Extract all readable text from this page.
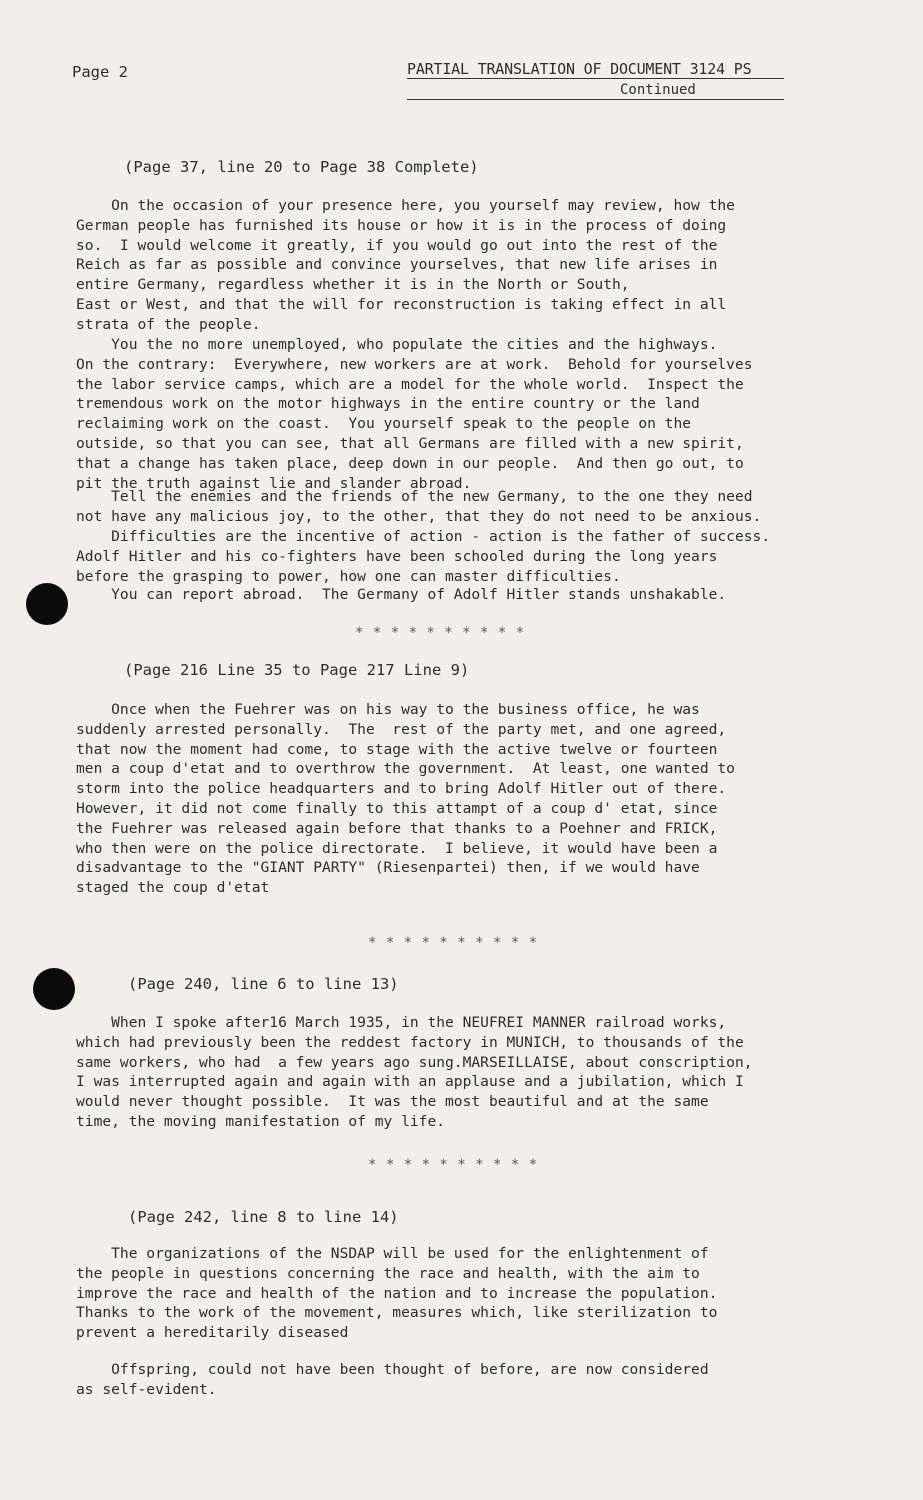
Page 2	PARTIAL TRANSLATION OF DOCUMENT 3124 PS
Continued
(Page 37, line 20 to Page 38 Complete)
On the occasion of your presence here, you yourself may review, how the
German people has furnished its house or how it is in the process of doing
so.  I would welcome it greatly, if you would go out into the rest of the
Reich as far as possible and convince yourselves, that new life arises in
entire Germany, regardless whether it is in the North or South,
East or West, and that the will for reconstruction is taking effect in all
strata of the people.
You the no more unemployed, who populate the cities and the highways.
On the contrary:  Everywhere, new workers are at work.  Behold for yourselves
the labor service camps, which are a model for the whole world.  Inspect the
tremendous work on the motor highways in the entire country or the land
reclaiming work on the coast.  You yourself speak to the people on the
outside, so that you can see, that all Germans are filled with a new spirit,
that a change has taken place, deep down in our people.  And then go out, to
pit the truth against lie and slander abroad.
Tell the enemies and the friends of the new Germany, to the one they need
not have any malicious joy, to the other, that they do not need to be anxious.
Difficulties are the incentive of action - action is the father of success.
Adolf Hitler and his co-fighters have been schooled during the long years
before the grasping to power, how one can master difficulties.
You can report abroad.  The Germany of Adolf Hitler stands unshakable.
* * * * * * * * * *
(Page 216 Line 35 to Page 217 Line 9)
Once when the Fuehrer was on his way to the business office, he was
suddenly arrested personally.  The  rest of the party met, and one agreed,
that now the moment had come, to stage with the active twelve or fourteen
men a coup d'etat and to overthrow the government.  At least, one wanted to
storm into the police headquarters and to bring Adolf Hitler out of there.
However, it did not come finally to this attampt of a coup d' etat, since
the Fuehrer was released again before that thanks to a Poehner and FRICK,
who then were on the police directorate.  I believe, it would have been a
disadvantage to the "GIANT PARTY" (Riesenpartei) then, if we would have
staged the coup d'etat
* * * * * * * * * *
(Page 240, line 6 to line 13)
When I spoke after16 March 1935, in the NEUFREI MANNER railroad works,
which had previously been the reddest factory in MUNICH, to thousands of the
same workers, who had  a few years ago sung.MARSEILLAISE, about conscription,
I was interrupted again and again with an applause and a jubilation, which I
would never thought possible.  It was the most beautiful and at the same
time, the moving manifestation of my life.
* * * * * * * * * *
(Page 242, line 8 to line 14)
The organizations of the NSDAP will be used for the enlightenment of
the people in questions concerning the race and health, with the aim to
improve the race and health of the nation and to increase the population.
Thanks to the work of the movement, measures which, like sterilization to
prevent a hereditarily diseased
Offspring, could not have been thought of before, are now considered
as self-evident.
